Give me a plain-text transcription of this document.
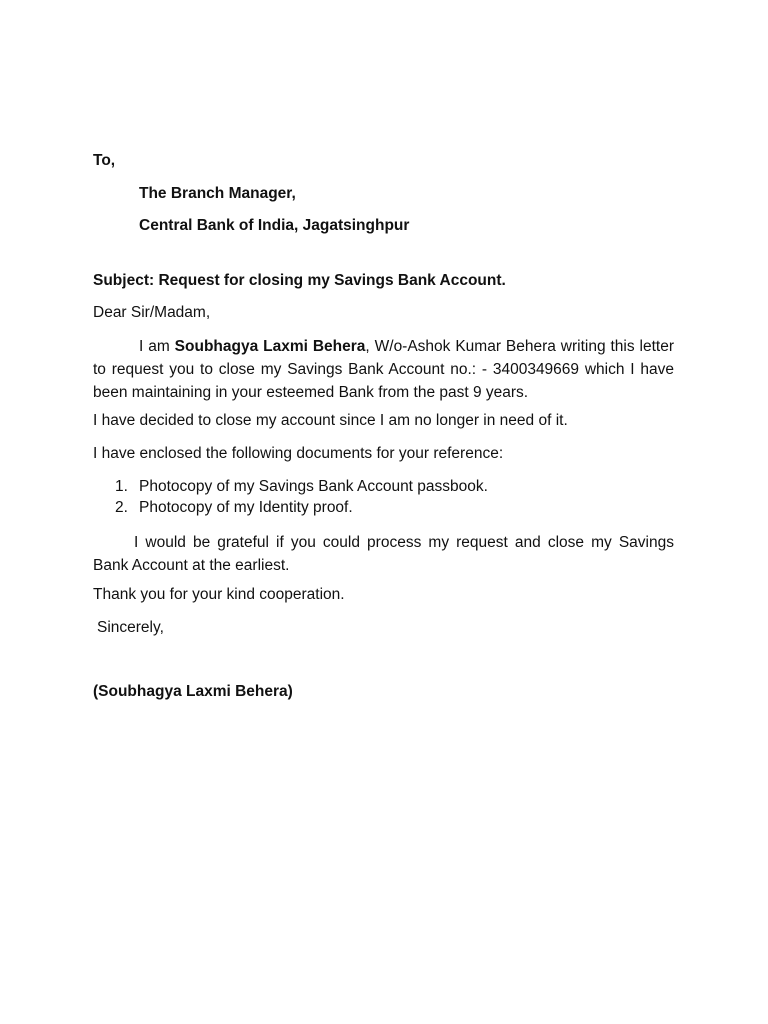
To,
The Branch Manager,
Central Bank of India, Jagatsinghpur
Subject: Request for closing my Savings Bank Account.
Dear Sir/Madam,
I am Soubhagya Laxmi Behera, W/o-Ashok Kumar Behera writing this letter to request you to close my Savings Bank Account no.: - 3400349669 which I have been maintaining in your esteemed Bank from the past 9 years.
I have decided to close my account since I am no longer in need of it.
I have enclosed the following documents for your reference:
1. Photocopy of my Savings Bank Account passbook.
2. Photocopy of my Identity proof.
I would be grateful if you could process my request and close my Savings Bank Account at the earliest.
Thank you for your kind cooperation.
Sincerely,
(Soubhagya Laxmi Behera)
